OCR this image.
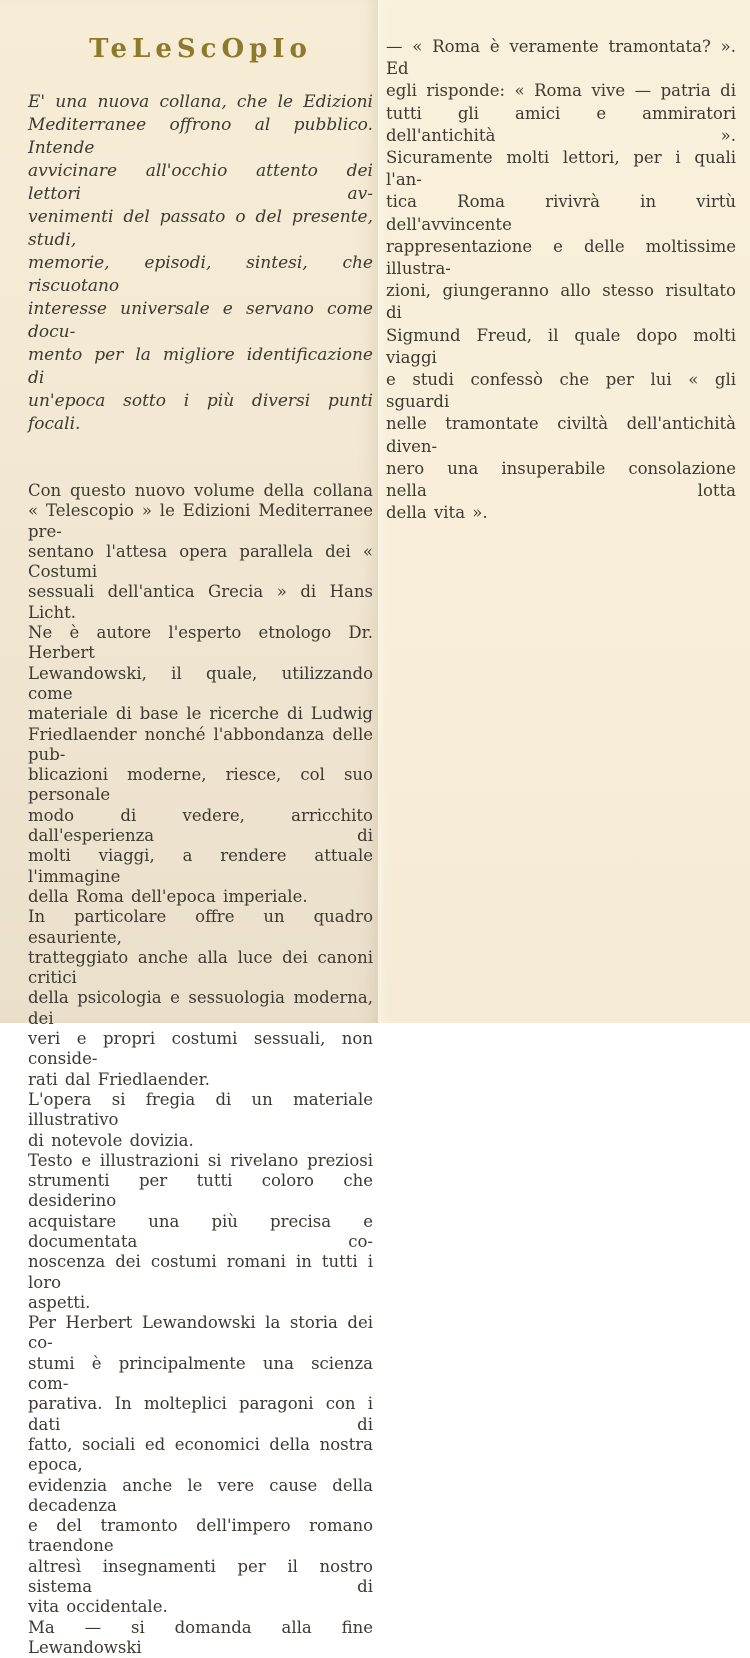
TeLeScOpIo
E' una nuova collana, che le Edizioni
Mediterranee offrono al pubblico. Intende
avvicinare all'occhio attento dei lettori av-
venimenti del passato o del presente, studi,
memorie, episodi, sintesi, che riscuotano
interesse universale e servano come docu-
mento per la migliore identificazione di
un'epoca sotto i più diversi punti focali.
Con questo nuovo volume della collana
« Telescopio » le Edizioni Mediterranee pre-
sentano l'attesa opera parallela dei « Costumi
sessuali dell'antica Grecia » di Hans Licht.
Ne è autore l'esperto etnologo Dr. Herbert
Lewandowski, il quale, utilizzando come
materiale di base le ricerche di Ludwig
Friedlaender nonché l'abbondanza delle pub-
blicazioni moderne, riesce, col suo personale
modo di vedere, arricchito dall'esperienza di
molti viaggi, a rendere attuale l'immagine
della Roma dell'epoca imperiale.
In particolare offre un quadro esauriente,
tratteggiato anche alla luce dei canoni critici
della psicologia e sessuologia moderna, dei
veri e propri costumi sessuali, non conside-
rati dal Friedlaender.
L'opera si fregia di un materiale illustrativo
di notevole dovizia.
Testo e illustrazioni si rivelano preziosi
strumenti per tutti coloro che desiderino
acquistare una più precisa e documentata co-
noscenza dei costumi romani in tutti i loro
aspetti.
Per Herbert Lewandowski la storia dei co-
stumi è principalmente una scienza com-
parativa. In molteplici paragoni con i dati di
fatto, sociali ed economici della nostra epoca,
evidenzia anche le vere cause della decadenza
e del tramonto dell'impero romano traendone
altresì insegnamenti per il nostro sistema di
vita occidentale.
Ma — si domanda alla fine Lewandowski
— « Roma è veramente tramontata? ». Ed
egli risponde: « Roma vive — patria di
tutti gli amici e ammiratori dell'antichità ».
Sicuramente molti lettori, per i quali l'an-
tica Roma rivivrà in virtù dell'avvincente
rappresentazione e delle moltissime illustra-
zioni, giungeranno allo stesso risultato di
Sigmund Freud, il quale dopo molti viaggi
e studi confessò che per lui « gli sguardi
nelle tramontate civiltà dell'antichità diven-
nero una insuperabile consolazione nella lotta
della vita ».
